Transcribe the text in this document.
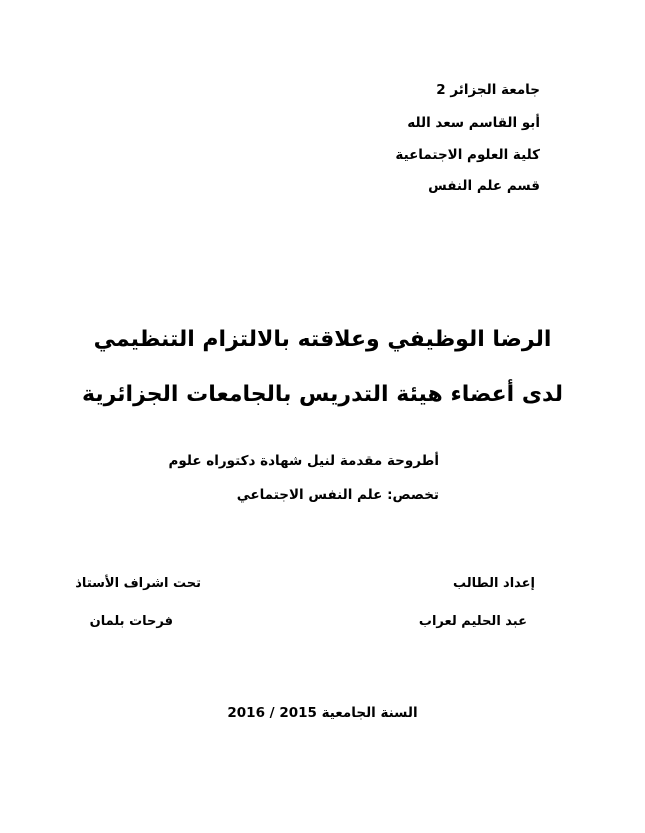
جامعة الجزائر 2
أبو القاسم سعد الله
كلية العلوم الاجتماعية
قسم علم النفس
الرضا الوظيفي وعلاقته بالالتزام التنظيمي
لدى أعضاء هيئة التدريس بالجامعات الجزائرية
أطروحة مقدمة لنيل شهادة دكتوراه علوم
تخصص: علم النفس الاجتماعي
إعداد الطالب
عبد الحليم لعراب
تحت اشراف الأستاذ
فرحات بلمان
السنة الجامعية 2015 / 2016
